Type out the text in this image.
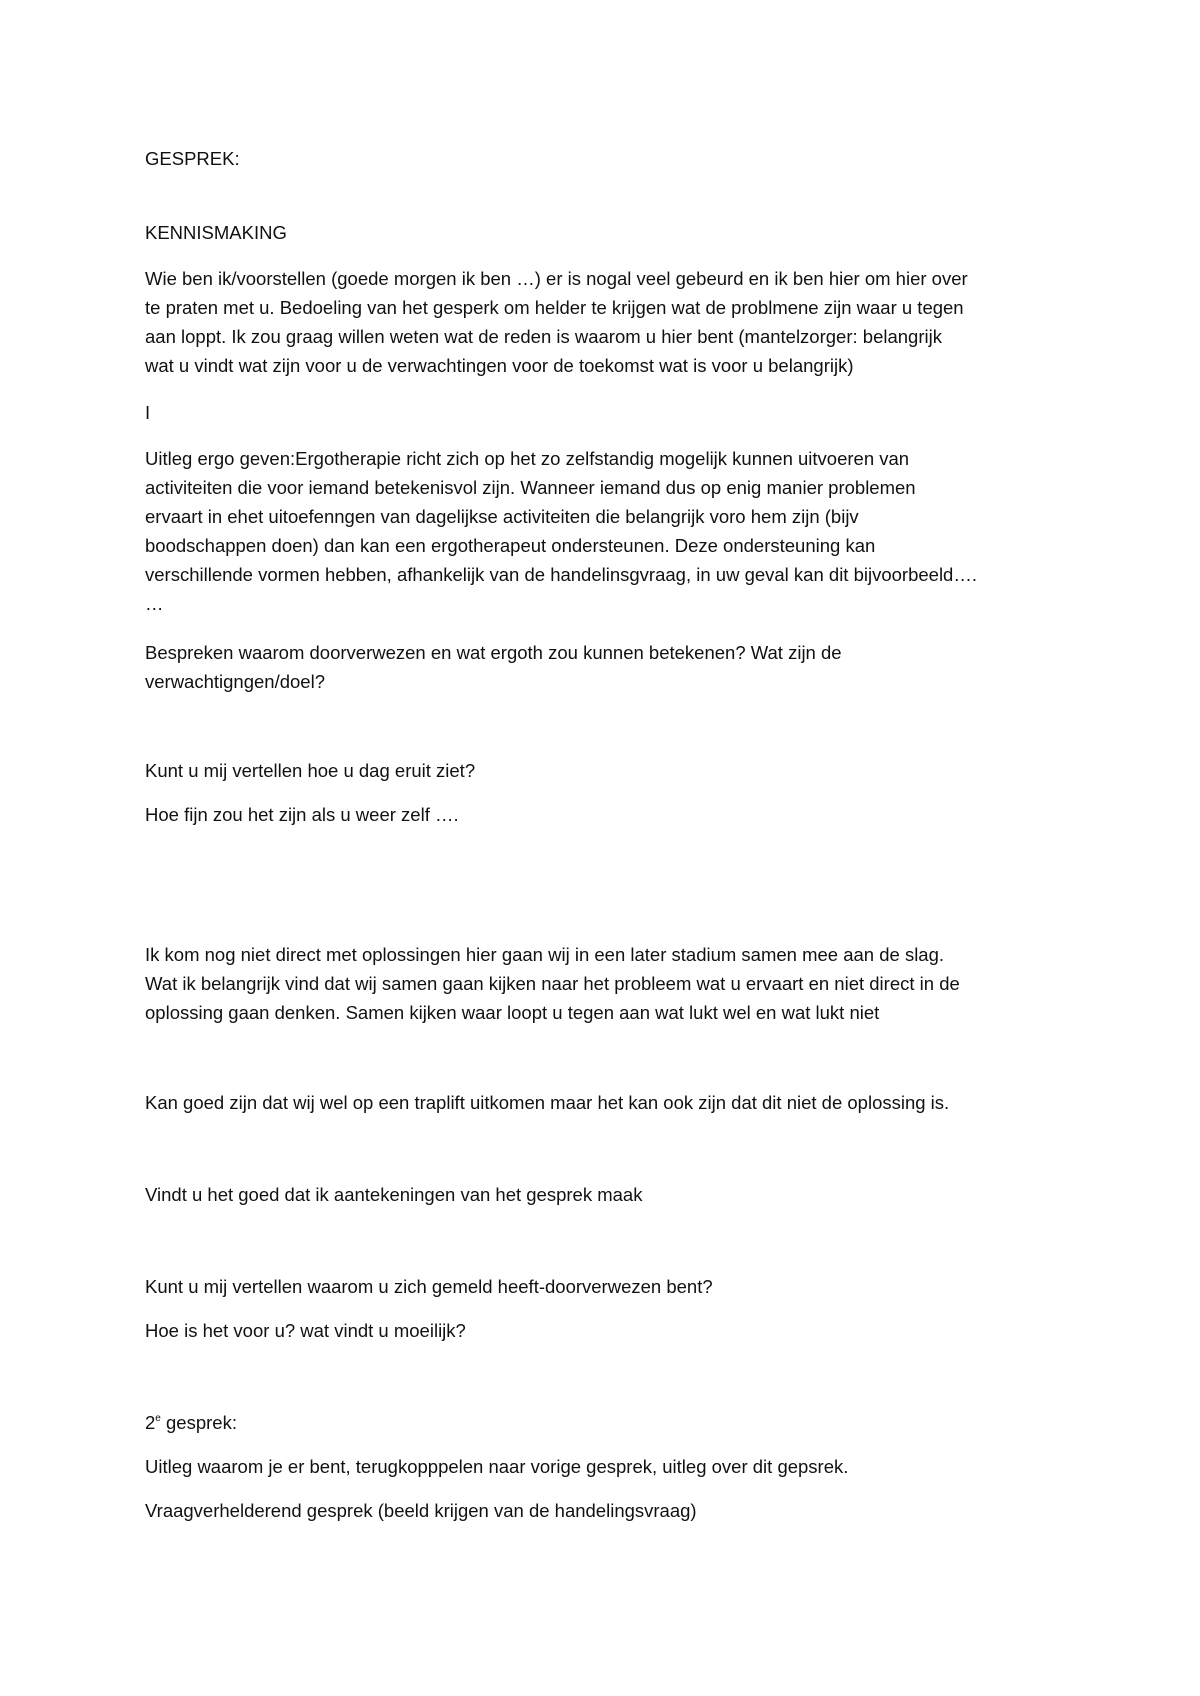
GESPREK:

KENNISMAKING

Wie ben ik/voorstellen (goede morgen ik ben …) er is nogal veel gebeurd en ik ben hier om hier over
te praten met u. Bedoeling van het gesperk om helder te krijgen wat de problmene zijn waar u tegen
aan loppt. Ik zou graag willen weten wat de reden is waarom u hier bent (mantelzorger: belangrijk
wat u vindt wat zijn voor u de verwachtingen voor de toekomst wat is voor u belangrijk)

I

Uitleg ergo geven:Ergotherapie richt zich op het zo zelfstandig mogelijk kunnen uitvoeren van
activiteiten die voor iemand betekenisvol zijn. Wanneer iemand dus op enig manier problemen
ervaart in ehet uitoefenngen van dagelijkse activiteiten die belangrijk voro hem zijn (bijv
boodschappen doen) dan kan een ergotherapeut ondersteunen. Deze ondersteuning kan
verschillende vormen hebben, afhankelijk van de handelinsgvraag, in uw geval kan dit bijvoorbeeld….
…

Bespreken waarom doorverwezen en wat ergoth zou kunnen betekenen? Wat zijn de
verwachtigngen/doel?

Kunt u mij vertellen hoe u dag eruit ziet?

Hoe fijn zou het zijn als u weer zelf ….

Ik kom nog niet direct met oplossingen hier gaan wij in een later stadium samen mee aan de slag.
Wat ik belangrijk vind dat wij samen gaan kijken naar het probleem wat u ervaart en niet direct in de
oplossing gaan denken. Samen kijken waar loopt u tegen aan wat lukt wel en wat lukt niet

Kan goed zijn dat wij wel op een traplift uitkomen maar het kan ook zijn dat dit niet de oplossing is.

Vindt u het goed dat ik aantekeningen van het gesprek maak

Kunt u mij vertellen waarom u zich gemeld heeft-doorverwezen bent?

Hoe is het voor u? wat vindt u moeilijk?

2e gesprek:

Uitleg waarom je er bent, terugkopppelen naar vorige gesprek, uitleg over dit gepsrek.

Vraagverhelderend gesprek (beeld krijgen van de handelingsvraag)
